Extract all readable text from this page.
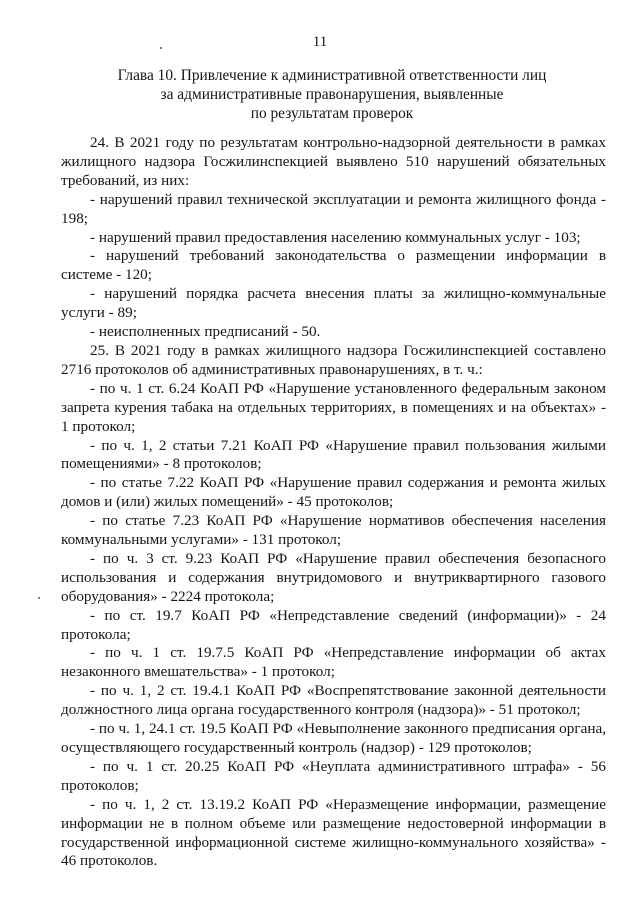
11
Глава 10. Привлечение к административной ответственности лиц
за административные правонарушения, выявленные
по результатам проверок

24. В 2021 году по результатам контрольно-надзорной деятельности в рамках жилищного надзора Госжилинспекцией выявлено 510 нарушений обязательных требований, из них:

- нарушений правил технической эксплуатации и ремонта жилищного фонда - 198;

- нарушений правил предоставления населению коммунальных услуг - 103;

- нарушений требований законодательства о размещении информации в системе - 120;

- нарушений порядка расчета внесения платы за жилищно-коммунальные услуги - 89;

- неисполненных предписаний - 50.

25. В 2021 году в рамках жилищного надзора Госжилинспекцией составлено 2716 протоколов об административных правонарушениях, в т. ч.:

- по ч. 1 ст. 6.24 КоАП РФ «Нарушение установленного федеральным законом запрета курения табака на отдельных территориях, в помещениях и на объектах» - 1 протокол;

- по ч. 1, 2 статьи 7.21 КоАП РФ «Нарушение правил пользования жилыми помещениями» - 8 протоколов;

- по статье 7.22 КоАП РФ «Нарушение правил содержания и ремонта жилых домов и (или) жилых помещений» - 45 протоколов;

- по статье 7.23 КоАП РФ «Нарушение нормативов обеспечения населения коммунальными услугами» - 131 протокол;

- по ч. 3 ст. 9.23 КоАП РФ «Нарушение правил обеспечения безопасного использования и содержания внутридомового и внутриквартирного газового оборудования» - 2224 протокола;

- по ст. 19.7 КоАП РФ «Непредставление сведений (информации)» - 24 протокола;

- по ч. 1 ст. 19.7.5 КоАП РФ «Непредставление информации об актах незаконного вмешательства» - 1 протокол;

- по ч. 1, 2 ст. 19.4.1 КоАП РФ «Воспрепятствование законной деятельности должностного лица органа государственного контроля (надзора)» - 51 протокол;

- по ч. 1, 24.1 ст. 19.5 КоАП РФ «Невыполнение законного предписания органа, осуществляющего государственный контроль (надзор) - 129 протоколов;

- по ч. 1 ст. 20.25 КоАП РФ «Неуплата административного штрафа» - 56 протоколов;

- по ч. 1, 2 ст. 13.19.2 КоАП РФ «Неразмещение информации, размещение информации не в полном объеме или размещение недостоверной информации в государственной информационной системе жилищно-коммунального хозяйства» - 46 протоколов.
